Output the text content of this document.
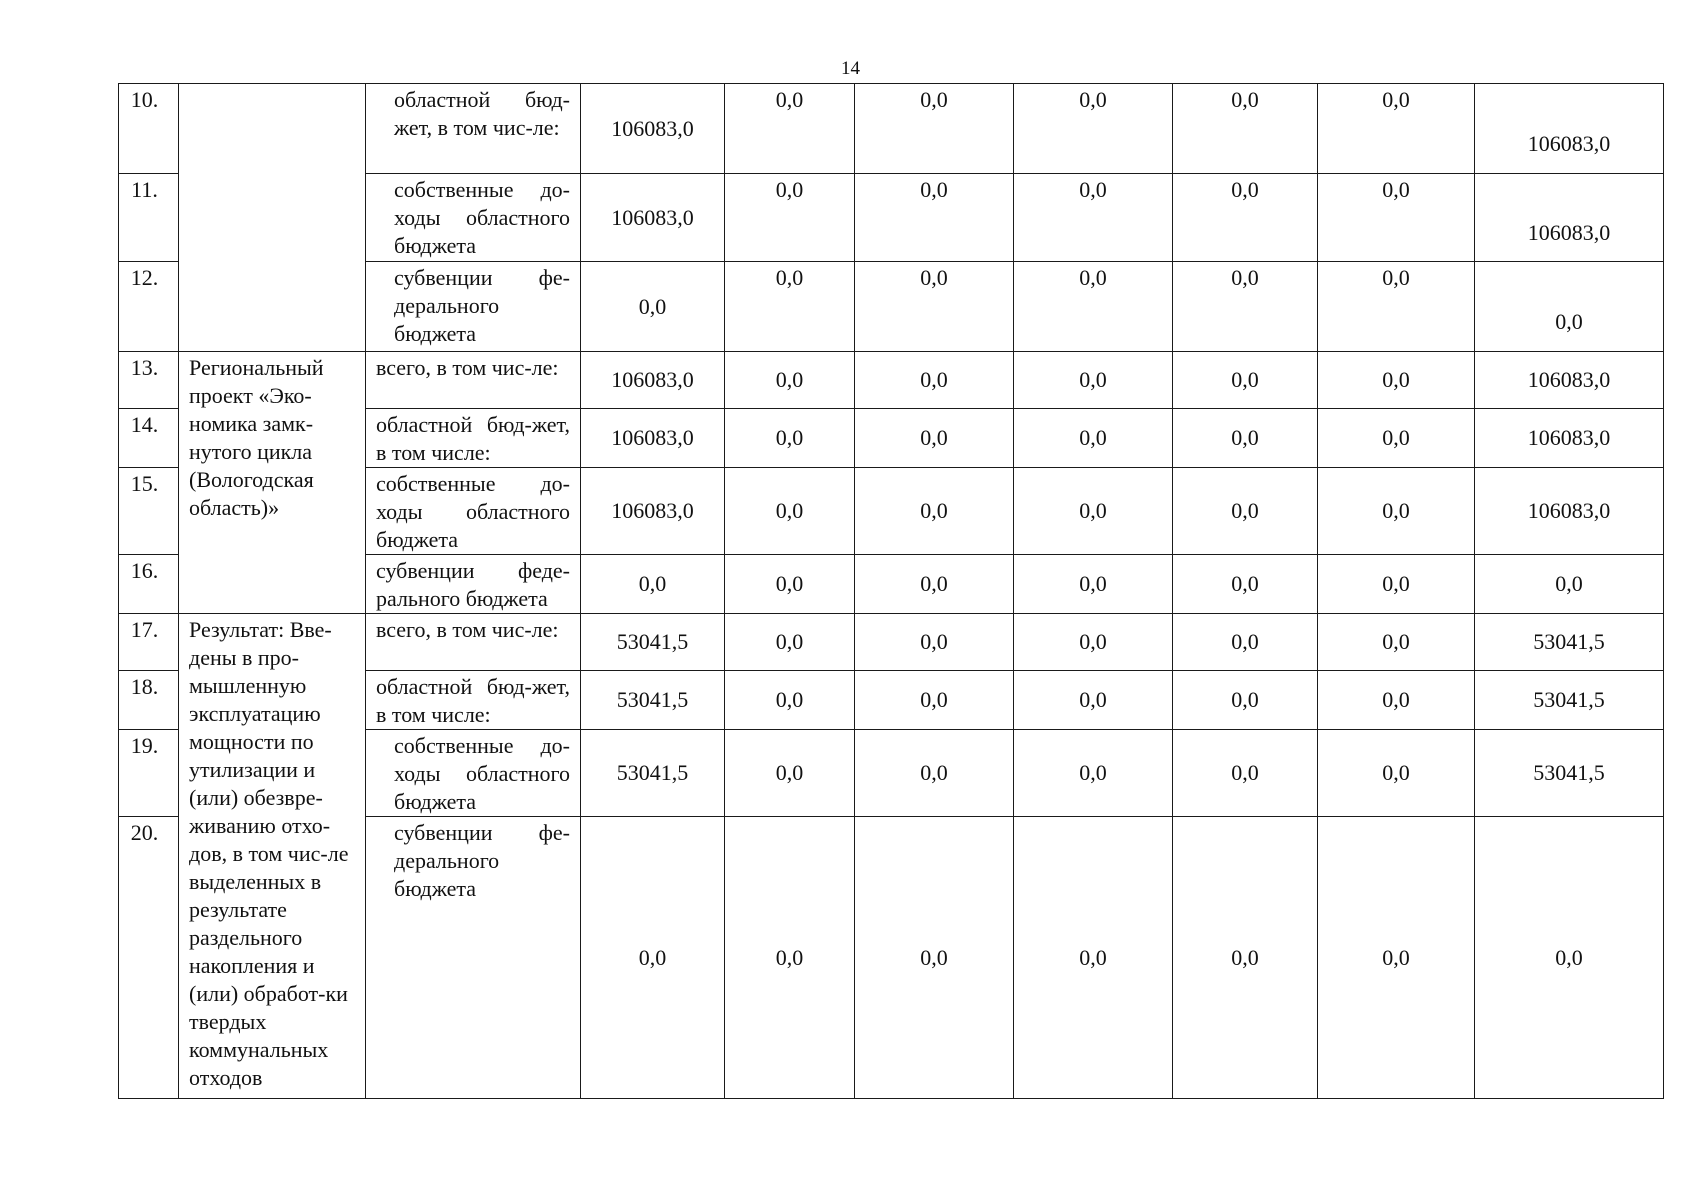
14
10.		областной бюд-жет, в том чис-ле:	106083,0	0,0	0,0	0,0	0,0	0,0	106083,0
11.		собственные до-ходы областного бюджета	106083,0	0,0	0,0	0,0	0,0	0,0	106083,0
12.		субвенции фе-дерального бюджета	0,0	0,0	0,0	0,0	0,0	0,0	0,0
13.	Региональный проект «Эко-номика замк-нутого цикла (Вологодская область)»	всего, в том чис-ле:	106083,0	0,0	0,0	0,0	0,0	0,0	106083,0
14.		областной бюд-жет, в том числе:	106083,0	0,0	0,0	0,0	0,0	0,0	106083,0
15.		собственные до-ходы областного бюджета	106083,0	0,0	0,0	0,0	0,0	0,0	106083,0
16.		субвенции феде-рального бюджета	0,0	0,0	0,0	0,0	0,0	0,0	0,0
17.	Результат: Вве-дены в про-мышленную эксплуатацию мощности по утилизации и (или) обезвре-живанию отхо-дов, в том чис-ле выделенных в результате раздельного накопления и (или) обработ-ки твердых коммунальных отходов	всего, в том чис-ле:	53041,5	0,0	0,0	0,0	0,0	0,0	53041,5
18.		областной бюд-жет, в том числе:	53041,5	0,0	0,0	0,0	0,0	0,0	53041,5
19.		собственные до-ходы областного бюджета	53041,5	0,0	0,0	0,0	0,0	0,0	53041,5
20.		субвенции фе-дерального бюджета	0,0	0,0	0,0	0,0	0,0	0,0	0,0
